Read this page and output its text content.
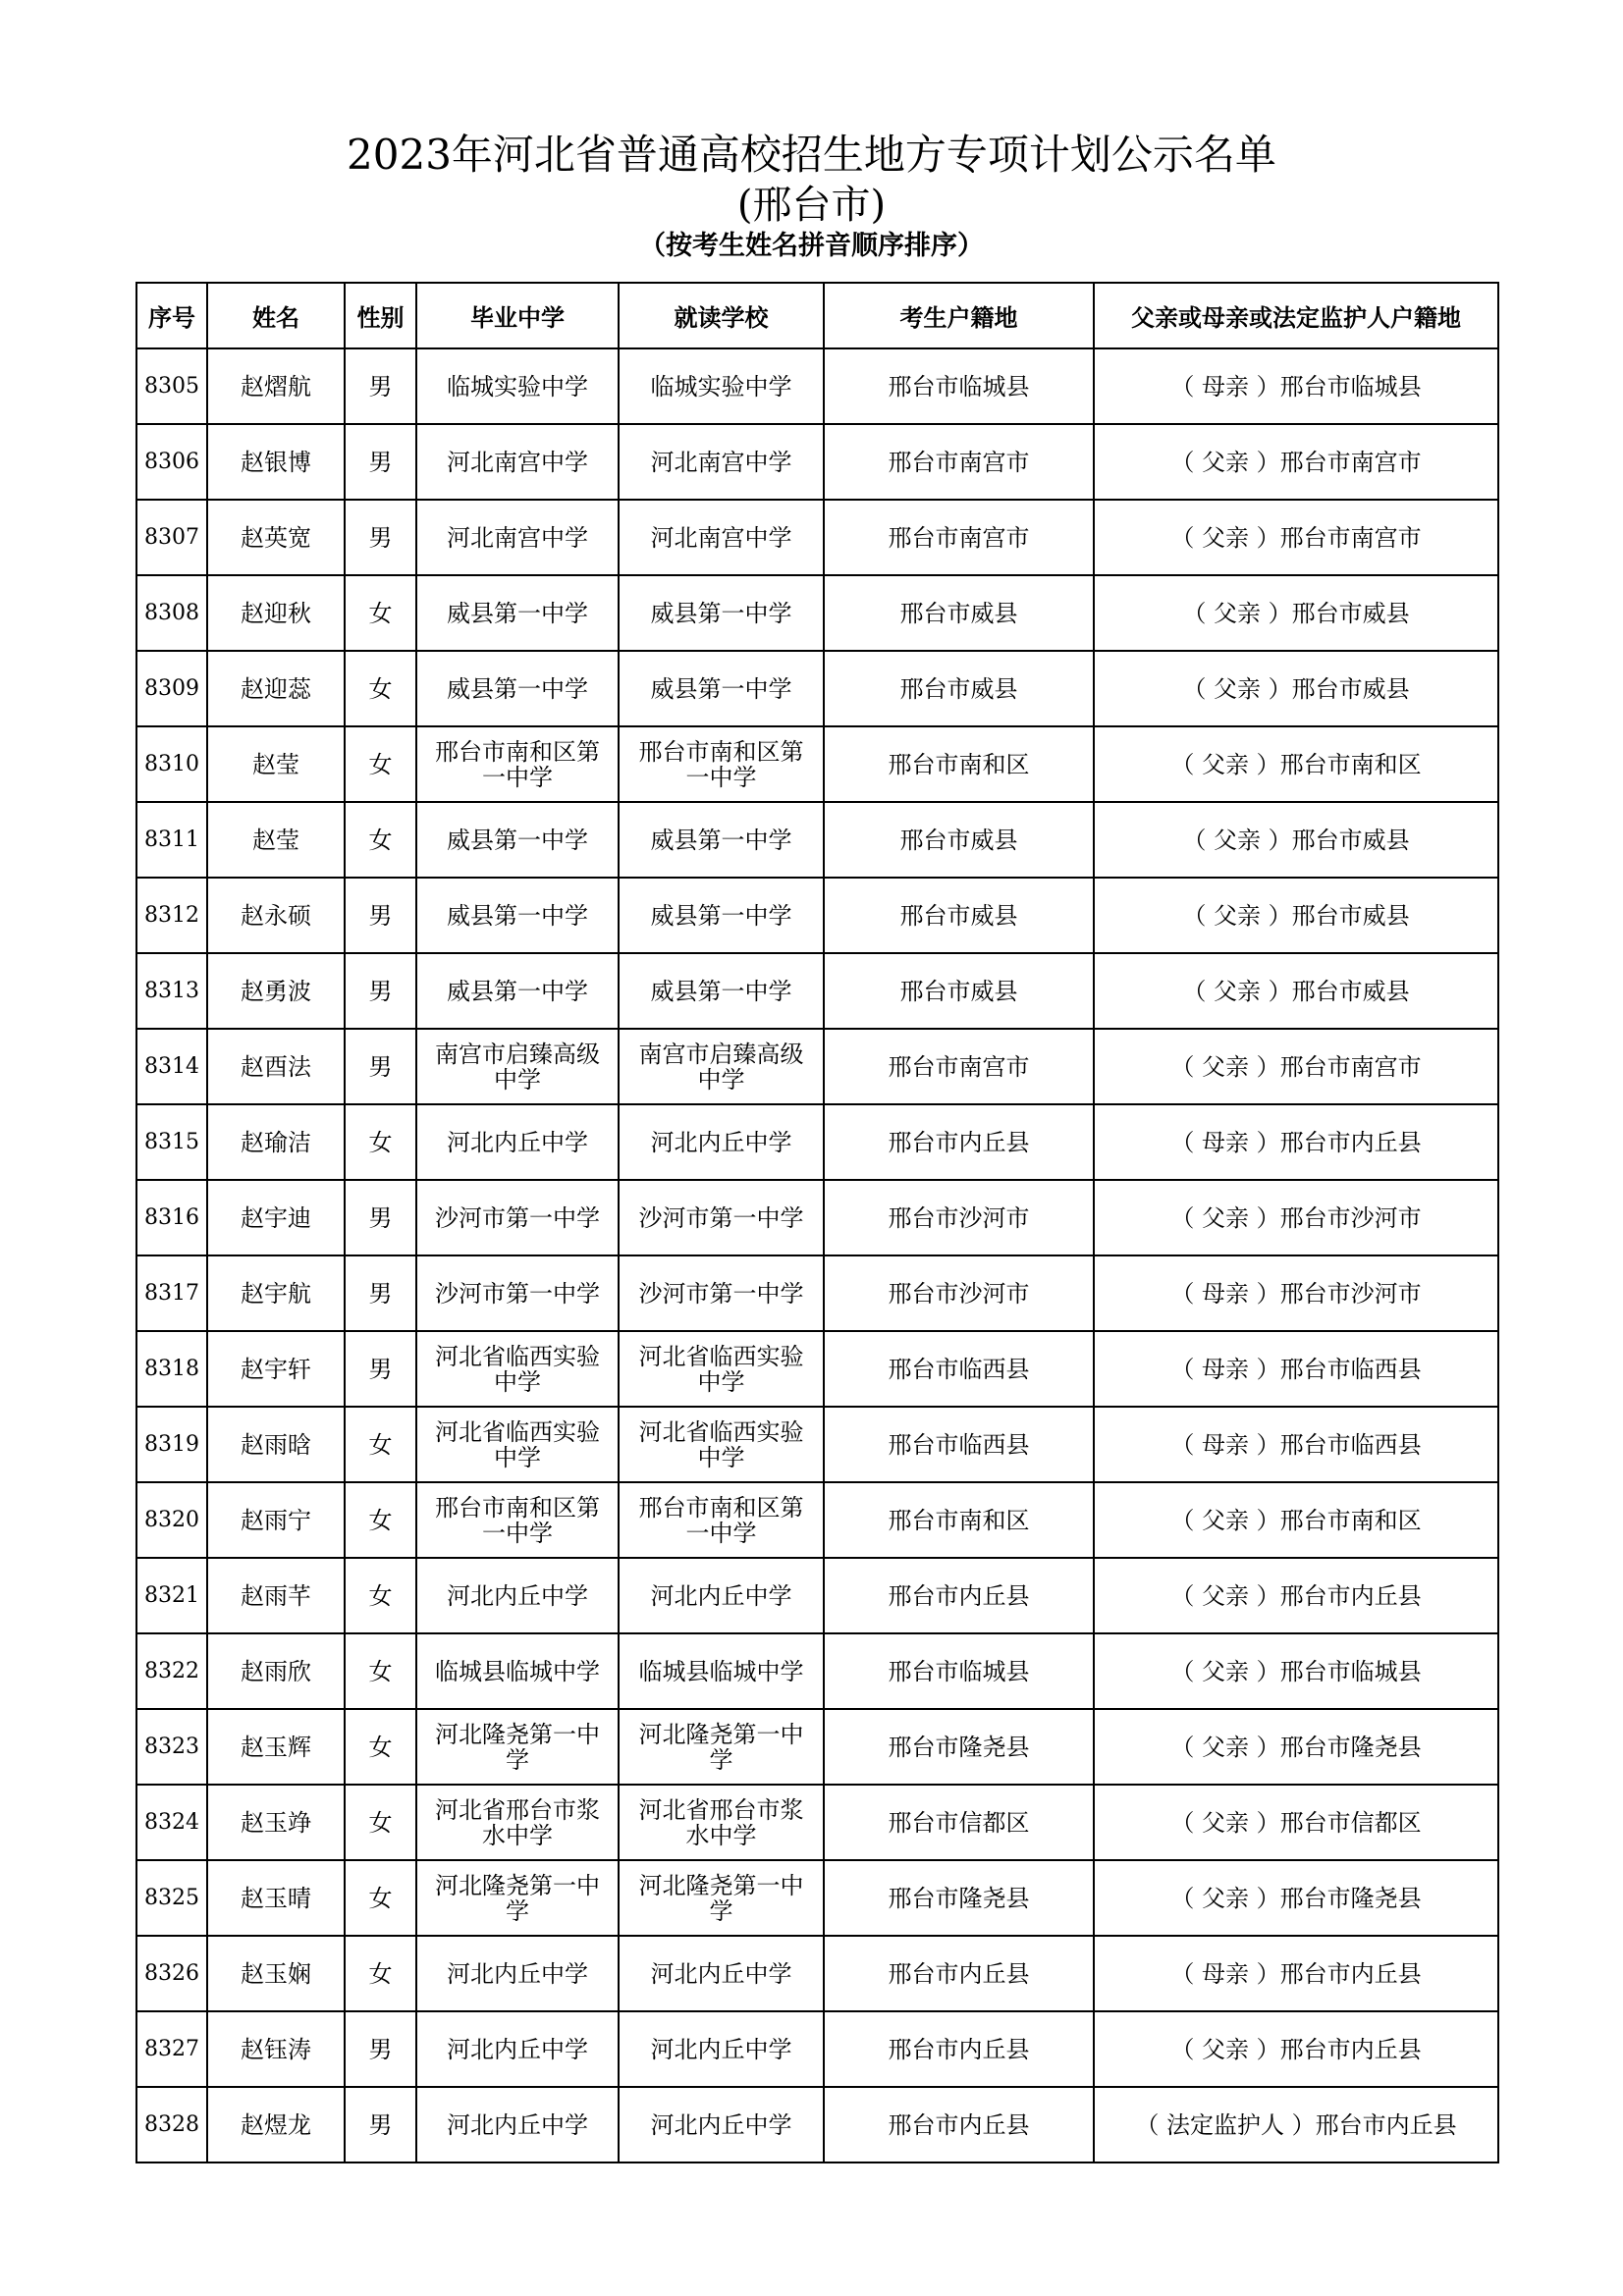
2023年河北省普通高校招生地方专项计划公示名单
(邢台市)
（按考生姓名拼音顺序排序）
序号	姓名	性别	毕业中学	就读学校	考生户籍地	父亲或母亲或法定监护人户籍地
8305	赵熠航	男	临城实验中学	临城实验中学	邢台市临城县	（ 母亲 ）邢台市临城县
8306	赵银博	男	河北南宫中学	河北南宫中学	邢台市南宫市	（ 父亲 ）邢台市南宫市
8307	赵英宽	男	河北南宫中学	河北南宫中学	邢台市南宫市	（ 父亲 ）邢台市南宫市
8308	赵迎秋	女	威县第一中学	威县第一中学	邢台市威县	（ 父亲 ）邢台市威县
8309	赵迎蕊	女	威县第一中学	威县第一中学	邢台市威县	（ 父亲 ）邢台市威县
8310	赵莹	女	邢台市南和区第一中学	邢台市南和区第一中学	邢台市南和区	（ 父亲 ）邢台市南和区
8311	赵莹	女	威县第一中学	威县第一中学	邢台市威县	（ 父亲 ）邢台市威县
8312	赵永硕	男	威县第一中学	威县第一中学	邢台市威县	（ 父亲 ）邢台市威县
8313	赵勇波	男	威县第一中学	威县第一中学	邢台市威县	（ 父亲 ）邢台市威县
8314	赵酉法	男	南宫市启臻高级中学	南宫市启臻高级中学	邢台市南宫市	（ 父亲 ）邢台市南宫市
8315	赵瑜洁	女	河北内丘中学	河北内丘中学	邢台市内丘县	（ 母亲 ）邢台市内丘县
8316	赵宇迪	男	沙河市第一中学	沙河市第一中学	邢台市沙河市	（ 父亲 ）邢台市沙河市
8317	赵宇航	男	沙河市第一中学	沙河市第一中学	邢台市沙河市	（ 母亲 ）邢台市沙河市
8318	赵宇轩	男	河北省临西实验中学	河北省临西实验中学	邢台市临西县	（ 母亲 ）邢台市临西县
8319	赵雨晗	女	河北省临西实验中学	河北省临西实验中学	邢台市临西县	（ 母亲 ）邢台市临西县
8320	赵雨宁	女	邢台市南和区第一中学	邢台市南和区第一中学	邢台市南和区	（ 父亲 ）邢台市南和区
8321	赵雨芊	女	河北内丘中学	河北内丘中学	邢台市内丘县	（ 父亲 ）邢台市内丘县
8322	赵雨欣	女	临城县临城中学	临城县临城中学	邢台市临城县	（ 父亲 ）邢台市临城县
8323	赵玉辉	女	河北隆尧第一中学	河北隆尧第一中学	邢台市隆尧县	（ 父亲 ）邢台市隆尧县
8324	赵玉竫	女	河北省邢台市浆水中学	河北省邢台市浆水中学	邢台市信都区	（ 父亲 ）邢台市信都区
8325	赵玉晴	女	河北隆尧第一中学	河北隆尧第一中学	邢台市隆尧县	（ 父亲 ）邢台市隆尧县
8326	赵玉娴	女	河北内丘中学	河北内丘中学	邢台市内丘县	（ 母亲 ）邢台市内丘县
8327	赵钰涛	男	河北内丘中学	河北内丘中学	邢台市内丘县	（ 父亲 ）邢台市内丘县
8328	赵煜龙	男	河北内丘中学	河北内丘中学	邢台市内丘县	（ 法定监护人 ）邢台市内丘县
